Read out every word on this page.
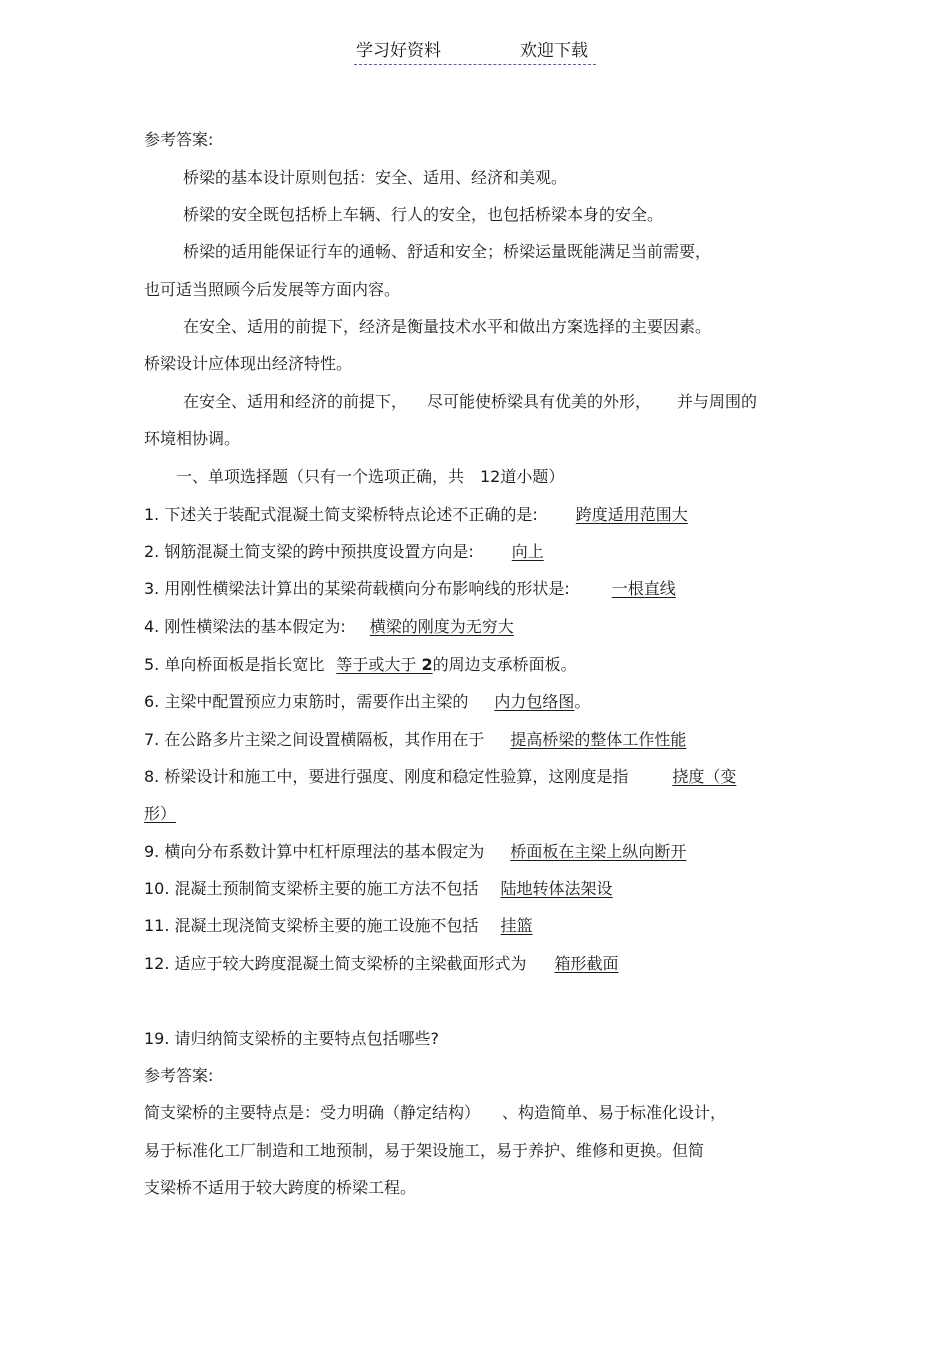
学习好资料	欢迎下载
参考答案:
桥梁的基本设计原则包括：安全、适用、经济和美观。
桥梁的安全既包括桥上车辆、行人的安全，也包括桥梁本身的安全。
桥梁的适用能保证行车的通畅、舒适和安全；桥梁运量既能满足当前需要，
也可适当照顾今后发展等方面内容。
在安全、适用的前提下，经济是衡量技术水平和做出方案选择的主要因素。
桥梁设计应体现出经济特性。
在安全、适用和经济的前提下， 尽可能使桥梁具有优美的外形， 并与周围的
环境相协调。
一、单项选择题（只有一个选项正确，共　12道小题）
1. 下述关于装配式混凝土简支梁桥特点论述不正确的是: 跨度适用范围大
2. 钢筋混凝土简支梁的跨中预拱度设置方向是: 向上
3. 用刚性横梁法计算出的某梁荷载横向分布影响线的形状是:	一根直线
4. 刚性横梁法的基本假定为: 横梁的刚度为无穷大
5. 单向桥面板是指长宽比 等于或大于 2的周边支承桥面板。
6. 主梁中配置预应力束筋时，需要作出主梁的 内力包络图。
7. 在公路多片主梁之间设置横隔板，其作用在于 提高桥梁的整体工作性能
8. 桥梁设计和施工中，要进行强度、刚度和稳定性验算，这刚度是指	挠度（变
形）
9. 横向分布系数计算中杠杆原理法的基本假定为 桥面板在主梁上纵向断开
10. 混凝土预制简支梁桥主要的施工方法不包括 陆地转体法架设
11. 混凝土现浇简支梁桥主要的施工设施不包括 挂篮
12. 适应于较大跨度混凝土简支梁桥的主梁截面形式为 箱形截面
19. 请归纳简支梁桥的主要特点包括哪些?
参考答案:
简支梁桥的主要特点是：受力明确（静定结构） 、构造简单、易于标准化设计，
易于标准化工厂制造和工地预制，易于架设施工，易于养护、维修和更换。但简
支梁桥不适用于较大跨度的桥梁工程。
